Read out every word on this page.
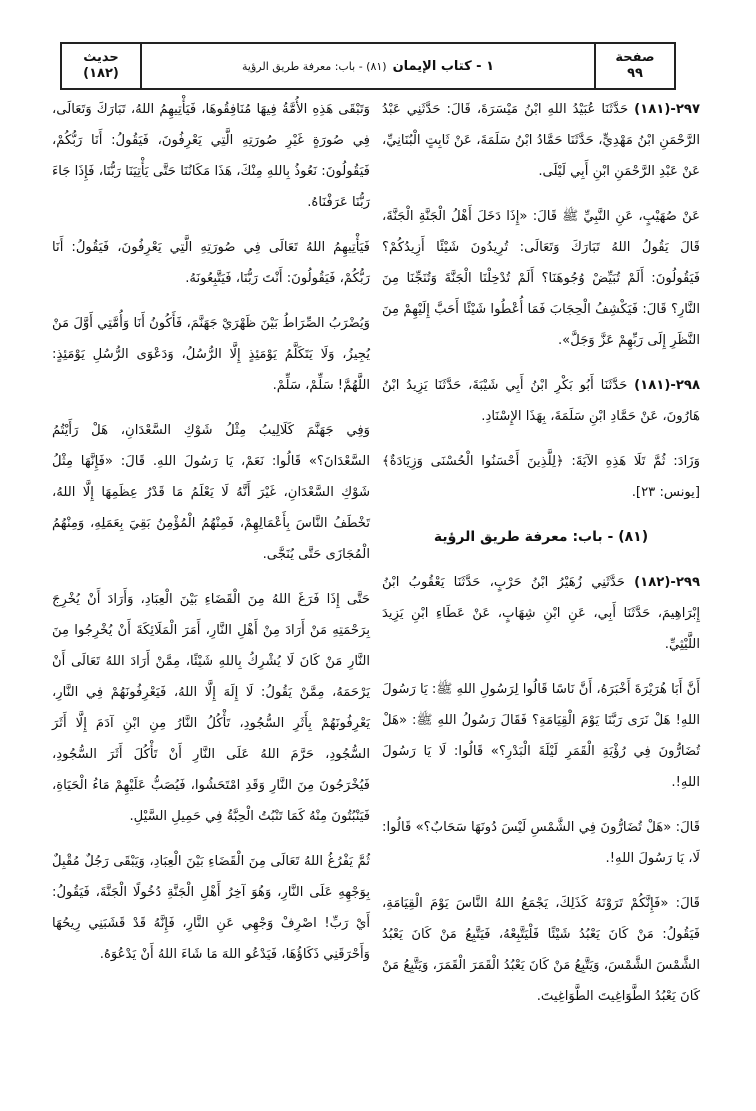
صفحة
٩٩
١ - كتاب الإيمان
(٨١) - باب: معرفة طريق الرؤية
حديث
(١٨٢)

٢٩٧-(١٨١) حَدَّثَنَا عُبَيْدُ اللهِ ابْنُ مَيْسَرَةَ، قَالَ: حَدَّثَنِي عَبْدُ الرَّحْمَنِ ابْنُ مَهْدِيٍّ، حَدَّثَنَا حَمَّادُ ابْنُ سَلَمَةَ، عَنْ ثَابِتٍ الْبُنَانِيِّ، عَنْ عَبْدِ الرَّحْمَنِ ابْنِ أَبِي لَيْلَى.

عَنْ صُهَيْبٍ، عَنِ النَّبِيِّ ﷺ قَالَ: «إِذَا دَخَلَ أَهْلُ الْجَنَّةِ الْجَنَّةَ، قَالَ يَقُولُ اللهُ تَبَارَكَ وَتَعَالَى: تُرِيدُونَ شَيْئًا أَزِيدُكُمْ؟ فَيَقُولُونَ: أَلَمْ تُبَيِّضْ وُجُوهَنَا؟ أَلَمْ تُدْخِلْنَا الْجَنَّةَ وَتُنَجِّنَا مِنَ النَّارِ؟ قَالَ: فَيَكْشِفُ الْحِجَابَ فَمَا أُعْطُوا شَيْئًا أَحَبَّ إِلَيْهِمْ مِنَ النَّظَرِ إِلَى رَبِّهِمْ عَزَّ وَجَلَّ».

٢٩٨-(١٨١) حَدَّثَنَا أَبُو بَكْرِ ابْنُ أَبِي شَيْبَةَ، حَدَّثَنَا يَزِيدُ ابْنُ هَارُونَ، عَنْ حَمَّادِ ابْنِ سَلَمَةَ، بِهَذَا الإِسْنَادِ.

وَزَادَ: ثُمَّ تَلَا هَذِهِ الآيَةَ: ﴿لِلَّذِينَ أَحْسَنُوا الْحُسْنَى وَزِيَادَةٌ﴾ [يونس: ٢٣].

(٨١) - باب: معرفة طريق الرؤية

٢٩٩-(١٨٢) حَدَّثَنِي زُهَيْرُ ابْنُ حَرْبٍ، حَدَّثَنَا يَعْقُوبُ ابْنُ إِبْرَاهِيمَ، حَدَّثَنَا أَبِي، عَنِ ابْنِ شِهَابٍ، عَنْ عَطَاءِ ابْنِ يَزِيدَ اللَّيْثِيِّ.

أَنَّ أَبَا هُرَيْرَةَ أَخْبَرَهُ، أَنَّ نَاسًا قَالُوا لِرَسُولِ اللهِ ﷺ: يَا رَسُولَ اللهِ! هَلْ نَرَى رَبَّنَا يَوْمَ الْقِيَامَةِ؟ فَقَالَ رَسُولُ اللهِ ﷺ: «هَلْ تُضَارُّونَ فِي رُؤْيَةِ الْقَمَرِ لَيْلَةَ الْبَدْرِ؟» قَالُوا: لَا يَا رَسُولَ اللهِ!.

قَالَ: «هَلْ تُضَارُّونَ فِي الشَّمْسِ لَيْسَ دُونَهَا سَحَابٌ؟» قَالُوا: لَا، يَا رَسُولَ اللهِ!.

قَالَ: «فَإِنَّكُمْ تَرَوْنَهُ كَذَلِكَ، يَجْمَعُ اللهُ النَّاسَ يَوْمَ الْقِيَامَةِ، فَيَقُولُ: مَنْ كَانَ يَعْبُدُ شَيْئًا فَلْيَتَّبِعْهُ، فَيَتَّبِعُ مَنْ كَانَ يَعْبُدُ الشَّمْسَ الشَّمْسَ، وَيَتَّبِعُ مَنْ كَانَ يَعْبُدُ الْقَمَرَ الْقَمَرَ، وَيَتَّبِعُ مَنْ كَانَ يَعْبُدُ الطَّوَاغِيتَ الطَّوَاغِيتَ.

وَتَبْقَى هَذِهِ الأُمَّةُ فِيهَا مُنَافِقُوهَا، فَيَأْتِيهِمُ اللهُ، تَبَارَكَ وَتَعَالَى، فِي صُورَةٍ غَيْرِ صُورَتِهِ الَّتِي يَعْرِفُونَ، فَيَقُولُ: أَنَا رَبُّكُمْ، فَيَقُولُونَ: نَعُوذُ بِاللهِ مِنْكَ، هَذَا مَكَانُنَا حَتَّى يَأْتِيَنَا رَبُّنَا، فَإِذَا جَاءَ رَبُّنَا عَرَفْنَاهُ.

فَيَأْتِيهِمُ اللهُ تَعَالَى فِي صُورَتِهِ الَّتِي يَعْرِفُونَ، فَيَقُولُ: أَنَا رَبُّكُمْ، فَيَقُولُونَ: أَنْتَ رَبُّنَا، فَيَتَّبِعُونَهُ.

وَيُضْرَبُ الصِّرَاطُ بَيْنَ ظَهْرَيْ جَهَنَّمَ، فَأَكُونُ أَنَا وَأُمَّتِي أَوَّلَ مَنْ يُجِيزُ، وَلَا يَتَكَلَّمُ يَوْمَئِذٍ إِلَّا الرُّسُلُ، وَدَعْوَى الرُّسُلِ يَوْمَئِذٍ: اللَّهُمَّ! سَلِّمْ، سَلِّمْ.

وَفِي جَهَنَّمَ كَلَالِيبُ مِثْلُ شَوْكِ السَّعْدَانِ، هَلْ رَأَيْتُمُ السَّعْدَانَ؟» قَالُوا: نَعَمْ، يَا رَسُولَ اللهِ. قَالَ: «فَإِنَّهَا مِثْلُ شَوْكِ السَّعْدَانِ، غَيْرَ أَنَّهُ لَا يَعْلَمُ مَا قَدْرُ عِظَمِهَا إِلَّا اللهُ، تَخْطَفُ النَّاسَ بِأَعْمَالِهِمْ، فَمِنْهُمُ الْمُؤْمِنُ بَقِيَ بِعَمَلِهِ، وَمِنْهُمُ الْمُجَازَى حَتَّى يُنَجَّى.

حَتَّى إِذَا فَرَغَ اللهُ مِنَ الْقَضَاءِ بَيْنَ الْعِبَادِ، وَأَرَادَ أَنْ يُخْرِجَ بِرَحْمَتِهِ مَنْ أَرَادَ مِنْ أَهْلِ النَّارِ، أَمَرَ الْمَلَائِكَةَ أَنْ يُخْرِجُوا مِنَ النَّارِ مَنْ كَانَ لَا يُشْرِكُ بِاللهِ شَيْئًا، مِمَّنْ أَرَادَ اللهُ تَعَالَى أَنْ يَرْحَمَهُ، مِمَّنْ يَقُولُ: لَا إِلَهَ إِلَّا اللهُ، فَيَعْرِفُونَهُمْ فِي النَّارِ، يَعْرِفُونَهُمْ بِأَثَرِ السُّجُودِ، تَأْكُلُ النَّارُ مِنِ ابْنِ آدَمَ إِلَّا أَثَرَ السُّجُودِ، حَرَّمَ اللهُ عَلَى النَّارِ أَنْ تَأْكُلَ أَثَرَ السُّجُودِ، فَيُخْرَجُونَ مِنَ النَّارِ وَقَدِ امْتَحَشُوا، فَيُصَبُّ عَلَيْهِمْ مَاءُ الْحَيَاةِ، فَيَنْبُتُونَ مِنْهُ كَمَا تَنْبُتُ الْحِبَّةُ فِي حَمِيلِ السَّيْلِ.

ثُمَّ يَفْرُغُ اللهُ تَعَالَى مِنَ الْقَضَاءِ بَيْنَ الْعِبَادِ، وَيَبْقَى رَجُلٌ مُقْبِلٌ بِوَجْهِهِ عَلَى النَّارِ، وَهُوَ آخِرُ أَهْلِ الْجَنَّةِ دُخُولًا الْجَنَّةَ، فَيَقُولُ: أَيْ رَبِّ! اصْرِفْ وَجْهِي عَنِ النَّارِ، فَإِنَّهُ قَدْ قَشَبَنِي رِيحُهَا وَأَحْرَقَنِي ذَكَاؤُهَا، فَيَدْعُو اللهَ مَا شَاءَ اللهُ أَنْ يَدْعُوَهُ.
